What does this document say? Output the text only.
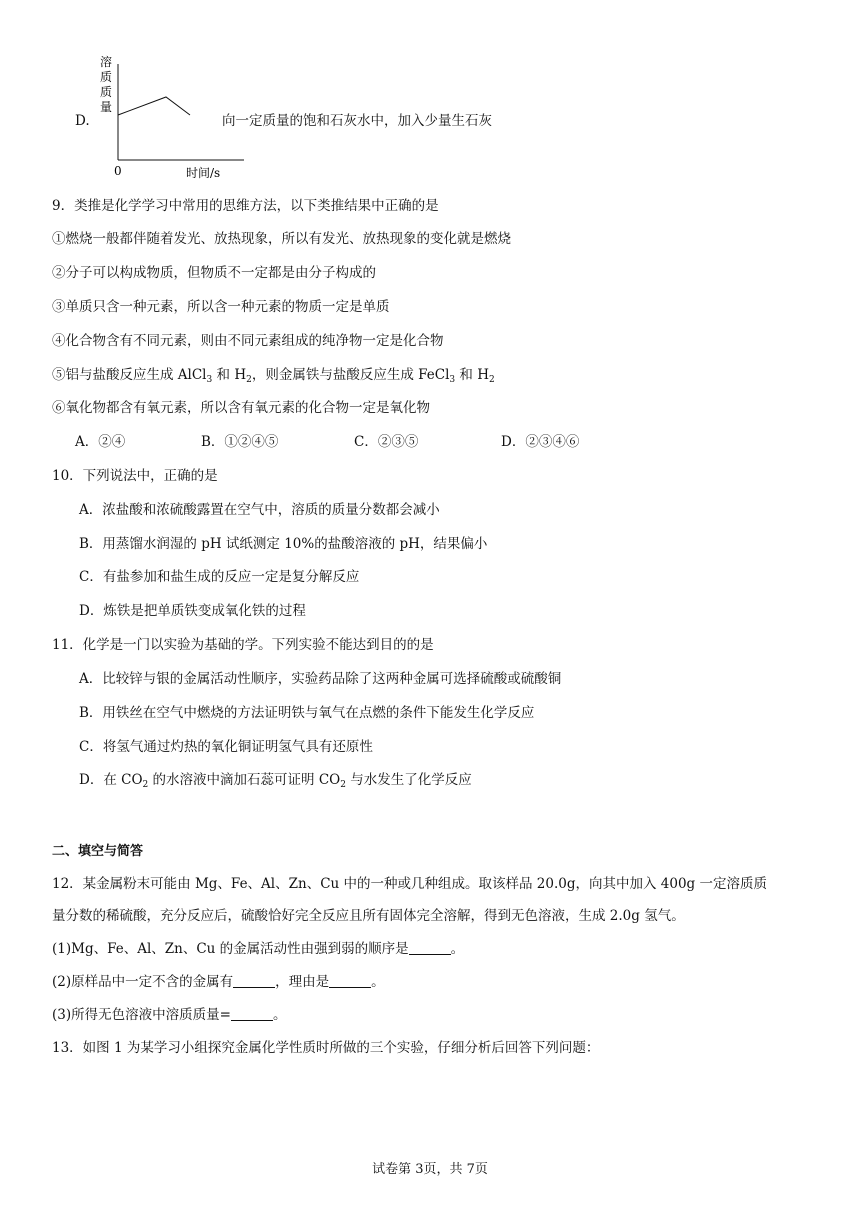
D.
溶
质
质
量
0	时间/s
向一定质量的饱和石灰水中，加入少量生石灰
9．类推是化学学习中常用的思维方法，以下类推结果中正确的是
①燃烧一般都伴随着发光、放热现象，所以有发光、放热现象的变化就是燃烧
②分子可以构成物质，但物质不一定都是由分子构成的
③单质只含一种元素，所以含一种元素的物质一定是单质
④化合物含有不同元素，则由不同元素组成的纯净物一定是化合物
⑤铝与盐酸反应生成 AlCl$_3$ 和 $H_2$，则金属铁与盐酸反应生成 FeCl$_3$ 和 $H_2$
⑥氧化物都含有氧元素，所以含有氧元素的化合物一定是氧化物
A．②④	B．①②④⑤	C．②③⑤	D．②③④⑥
10．下列说法中，正确的是
A．浓盐酸和浓硫酸露置在空气中，溶质的质量分数都会减小
B．用蒸馏水润湿的 pH 试纸测定 10%的盐酸溶液的 pH，结果偏小
C．有盐参加和盐生成的反应一定是复分解反应
D．炼铁是把单质铁变成氧化铁的过程
11．化学是一门以实验为基础的学。下列实验不能达到目的的是
A．比较锌与银的金属活动性顺序，实验药品除了这两种金属可选择硫酸或硫酸铜
B．用铁丝在空气中燃烧的方法证明铁与氧气在点燃的条件下能发生化学反应
C．将氢气通过灼热的氧化铜证明氢气具有还原性
D．在 $CO_2$ 的水溶液中滴加石蕊可证明 $CO_2$ 与水发生了化学反应
二、填空与简答
12．某金属粉末可能由 Mg、Fe、Al、Zn、Cu 中的一种或几种组成。取该样品 20.0g，向其中加入 400g 一定溶质质
量分数的稀硫酸，充分反应后，硫酸恰好完全反应且所有固体完全溶解，得到无色溶液，生成 2.0g 氢气。
(1)Mg、Fe、Al、Zn、Cu 的金属活动性由强到弱的顺序是	。
(2)原样品中一定不含的金属有	，理由是	。
(3)所得无色溶液中溶质质量=	。
13．如图 1 为某学习小组探究金属化学性质时所做的三个实验，仔细分析后回答下列问题：
试卷第 3页，共 7页
